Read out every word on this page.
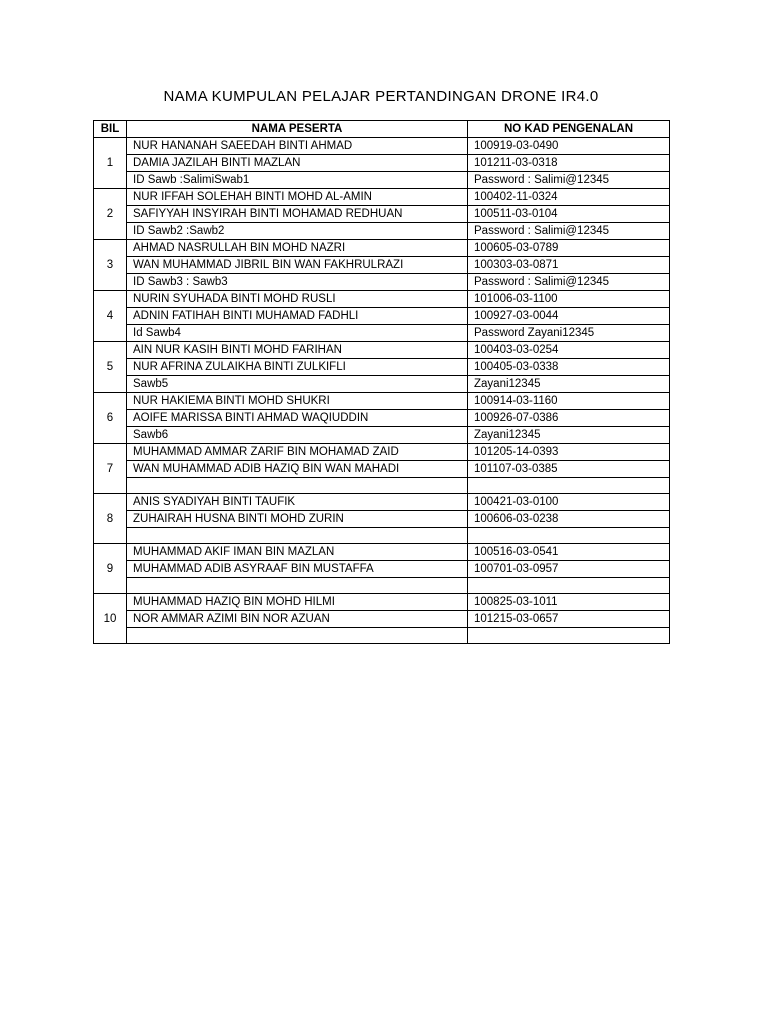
NAMA KUMPULAN PELAJAR PERTANDINGAN DRONE IR4.0
BIL	NAMA PESERTA	NO KAD PENGENALAN
1	NUR HANANAH SAEEDAH BINTI AHMAD	100919-03-0490
	DAMIA JAZILAH BINTI MAZLAN	101211-03-0318
	ID Sawb :SalimiSwab1	Password : Salimi@12345
2	NUR IFFAH SOLEHAH BINTI MOHD AL-AMIN	100402-11-0324
	SAFIYYAH INSYIRAH BINTI MOHAMAD REDHUAN	100511-03-0104
	ID Sawb2 :Sawb2	Password : Salimi@12345
3	AHMAD NASRULLAH BIN MOHD NAZRI	100605-03-0789
	WAN MUHAMMAD JIBRIL BIN WAN FAKHRULRAZI	100303-03-0871
	ID Sawb3 : Sawb3	Password : Salimi@12345
4	NURIN SYUHADA BINTI MOHD RUSLI	101006-03-1100
	ADNIN FATIHAH BINTI MUHAMAD FADHLI	100927-03-0044
	Id Sawb4	Password Zayani12345
5	AIN NUR KASIH BINTI MOHD FARIHAN	100403-03-0254
	NUR AFRINA ZULAIKHA BINTI ZULKIFLI	100405-03-0338
	Sawb5	Zayani12345
6	NUR HAKIEMA BINTI MOHD SHUKRI	100914-03-1160
	AOIFE MARISSA BINTI AHMAD WAQIUDDIN	100926-07-0386
	Sawb6	Zayani12345
7	MUHAMMAD AMMAR ZARIF BIN MOHAMAD ZAID	101205-14-0393
	WAN MUHAMMAD ADIB HAZIQ BIN WAN MAHADI	101107-03-0385

8	ANIS SYADIYAH BINTI TAUFIK	100421-03-0100
	ZUHAIRAH HUSNA BINTI MOHD ZURIN	100606-03-0238

9	MUHAMMAD AKIF IMAN BIN MAZLAN	100516-03-0541
	MUHAMMAD ADIB ASYRAAF BIN MUSTAFFA	100701-03-0957

10	MUHAMMAD HAZIQ BIN MOHD HILMI	100825-03-1011
	NOR AMMAR AZIMI BIN NOR AZUAN	101215-03-0657
